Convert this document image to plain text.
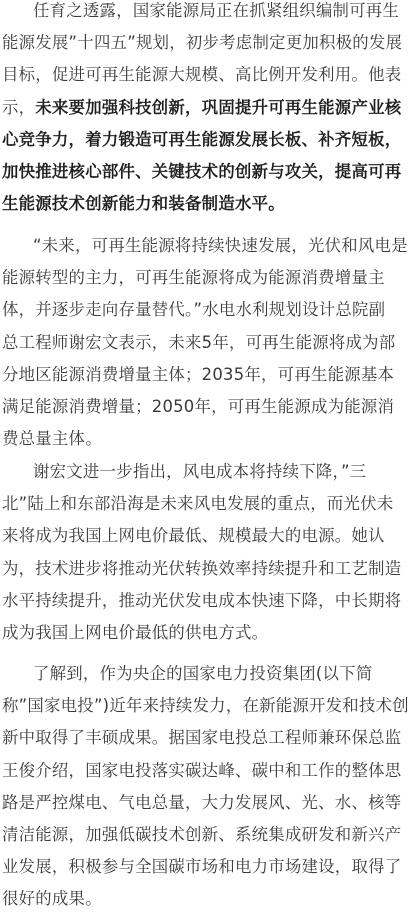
任育之透露，国家能源局正在抓紧组织编制可再生
能源发展”十四五”规划，初步考虑制定更加积极的发展
目标，促进可再生能源大规模、高比例开发利用。他表
示，未来要加强科技创新，巩固提升可再生能源产业核
心竞争力，着力锻造可再生能源发展长板、补齐短板，
加快推进核心部件、关键技术的创新与攻关，提高可再
生能源技术创新能力和装备制造水平。
“未来，可再生能源将持续快速发展，光伏和风电是
能源转型的主力，可再生能源将成为能源消费增量主
体，并逐步走向存量替代。”水电水利规划设计总院副
总工程师谢宏文表示，未来5年，可再生能源将成为部
分地区能源消费增量主体；2035年，可再生能源基本
满足能源消费增量；2050年，可再生能源成为能源消
费总量主体。
谢宏文进一步指出，风电成本将持续下降，”三
北”陆上和东部沿海是未来风电发展的重点，而光伏未
来将成为我国上网电价最低、规模最大的电源。她认
为，技术进步将推动光伏转换效率持续提升和工艺制造
水平持续提升，推动光伏发电成本快速下降，中长期将
成为我国上网电价最低的供电方式。
了解到，作为央企的国家电力投资集团(以下简
称”国家电投”)近年来持续发力，在新能源开发和技术创
新中取得了丰硕成果。据国家电投总工程师兼环保总监
王俊介绍，国家电投落实碳达峰、碳中和工作的整体思
路是严控煤电、气电总量，大力发展风、光、水、核等
清洁能源，加强低碳技术创新、系统集成研发和新兴产
业发展，积极参与全国碳市场和电力市场建设，取得了
很好的成果。
